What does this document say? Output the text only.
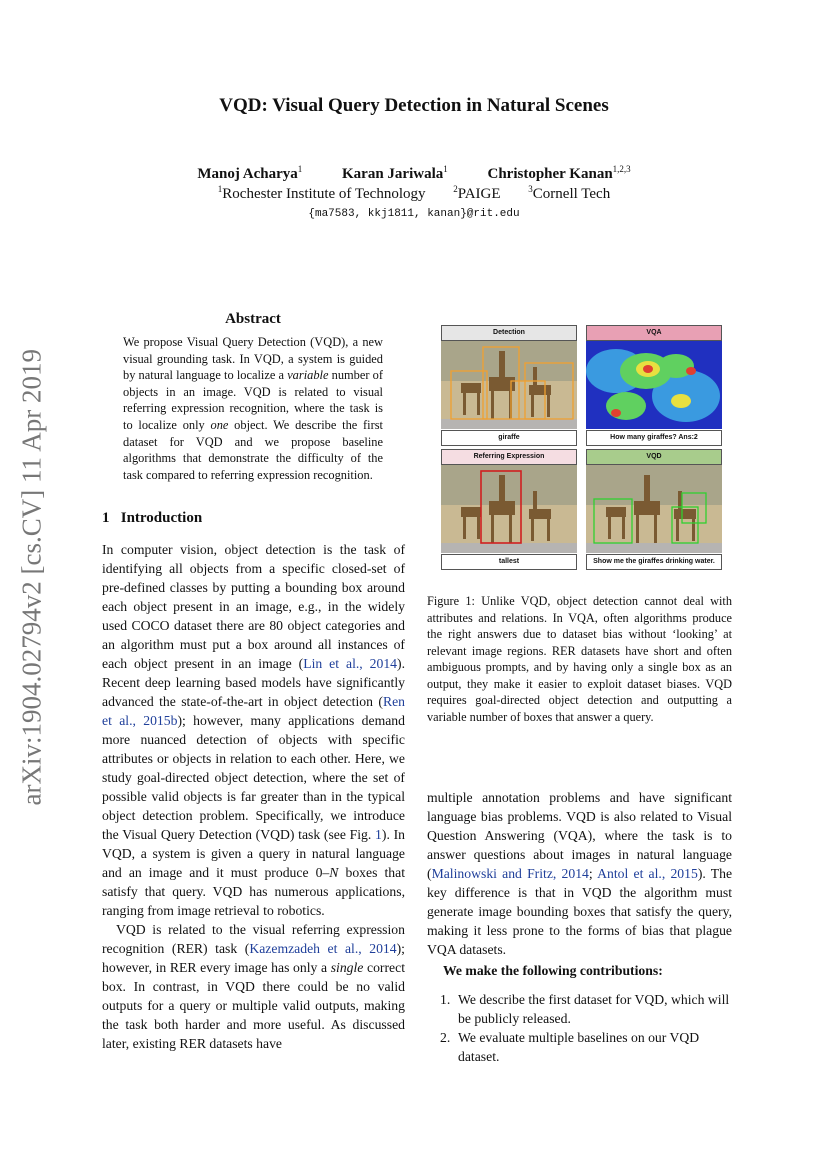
VQD: Visual Query Detection in Natural Scenes
Manoj Acharya$^1$	Karan Jariwala$^1$	Christopher Kanan$^{1,2,3}$
$^1$Rochester Institute of Technology	$^2$PAIGE	$^3$Cornell Tech
{ma7583, kkj1811, kanan}@rit.edu
arXiv:1904.02794v2 [cs.CV] 11 Apr 2019
Abstract
We propose Visual Query Detection (VQD), a new visual grounding task. In VQD, a system is guided by natural language to localize a variable number of objects in an image. VQD is related to visual referring expression recognition, where the task is to localize only one object. We describe the first dataset for VQD and we propose baseline algorithms that demonstrate the difficulty of the task compared to referring expression recognition.
1 Introduction

In computer vision, object detection is the task of identifying all objects from a specific closed-set of pre-defined classes by putting a bounding box around each object present in an image, e.g., in the widely used COCO dataset there are 80 object categories and an algorithm must put a box around all instances of each object present in an image (Lin et al., 2014). Recent deep learning based models have significantly advanced the state-of-the-art in object detection (Ren et al., 2015b); however, many applications demand more nuanced detection of objects with specific attributes or objects in relation to each other. Here, we study goal-directed object detection, where the set of possible valid objects is far greater than in the typical object detection problem. Specifically, we introduce the Visual Query Detection (VQD) task (see Fig. 1). In VQD, a system is given a query in natural language and an image and it must produce 0–N boxes that satisfy that query. VQD has numerous applications, ranging from image retrieval to robotics.

VQD is related to the visual referring expression recognition (RER) task (Kazemzadeh et al., 2014); however, in RER every image has only a single correct box. In contrast, in VQD there could be no valid outputs for a query or multiple valid outputs, making the task both harder and more useful. As discussed later, existing RER datasets have

Detection
giraffe
VQA
How many giraffes? Ans:2
Referring Expression
tallest
VQD
Show me the giraffes drinking water.
Figure 1: Unlike VQD, object detection cannot deal with attributes and relations. In VQA, often algorithms produce the right answers due to dataset bias without ‘looking’ at relevant image regions. RER datasets have short and often ambiguous prompts, and by having only a single box as an output, they make it easier to exploit dataset biases. VQD requires goal-directed object detection and outputting a variable number of boxes that answer a query.

multiple annotation problems and have significant language bias problems. VQD is also related to Visual Question Answering (VQA), where the task is to answer questions about images in natural language (Malinowski and Fritz, 2014; Antol et al., 2015). The key difference is that in VQD the algorithm must generate image bounding boxes that satisfy the query, making it less prone to the forms of bias that plague VQA datasets.

We make the following contributions:
1. We describe the first dataset for VQD, which will be publicly released.
2. We evaluate multiple baselines on our VQD dataset.
